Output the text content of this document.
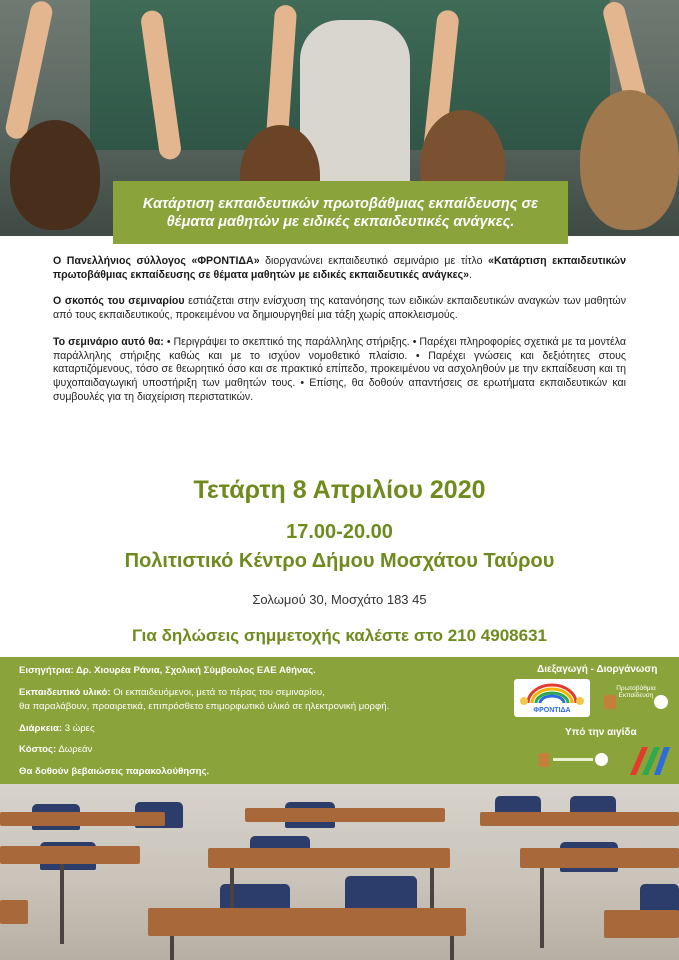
Κατάρτιση εκπαιδευτικών πρωτοβάθμιας εκπαίδευσης σε θέματα μαθητών με ειδικές εκπαιδευτικές ανάγκες.

Ο Πανελλήνιος σύλλογος «ΦΡΟΝΤΙΔΑ» διοργανώνει εκπαιδευτικό σεμινάριο με τίτλο «Κατάρτιση εκπαιδευτικών πρωτοβάθμιας εκπαίδευσης σε θέματα μαθητών με ειδικές εκπαιδευτικές ανάγκες».

Ο σκοπός του σεμιναρίου εστιάζεται στην ενίσχυση της κατανόησης των ειδικών εκπαιδευτικών αναγκών των μαθητών από τους εκπαιδευτικούς, προκειμένου να δημιουργηθεί μια τάξη χωρίς αποκλεισμούς.

Το σεμινάριο αυτό θα: • Περιγράψει το σκεπτικό της παράλληλης στήριξης. • Παρέχει πληροφορίες σχετικά με τα μοντέλα παράλληλης στήριξης καθώς και με το ισχύον νομοθετικό πλαίσιο. • Παρέχει γνώσεις και δεξιότητες στους καταρτιζόμενους, τόσο σε θεωρητικό όσο και σε πρακτικό επίπεδο, προκειμένου να ασχοληθούν με την εκπαίδευση και τη ψυχοπαιδαγωγική υποστήριξη των μαθητών τους. • Επίσης, θα δοθούν απαντήσεις σε ερωτήματα εκπαιδευτικών και συμβουλές για τη διαχείριση περιστατικών.

Τετάρτη 8 Απριλίου 2020
17.00-20.00
Πολιτιστικό Κέντρο Δήμου Μοσχάτου Ταύρου
Σολωμού 30, Μοσχάτο 183 45
Για δηλώσεις σημμετοχής καλέστε στο 210 4908631
Εισηγήτρια: Δρ. Χιουρέα Ράνια, Σχολική Σύμβουλος ΕΑΕ Αθήνας.
Εκπαιδευτικό υλικό: Οι εκπαιδευόμενοι, μετά το πέρας του σεμιναρίου,
θα παραλάβουν, προαιρετικά, επιπρόσθετο επιμορφωτικό υλικό σε ηλεκτρονική μορφή.
Διάρκεια: 3 ώρες
Κόστος: Δωρεάν
Θα δοθούν βεβαιώσεις παρακολούθησης.
Διεξαγωγή - Διοργάνωση
ΦΡΟΝΤΙΔΑ
Πρωτοβάθμια Εκπαίδευση
Υπό την αιγίδα
